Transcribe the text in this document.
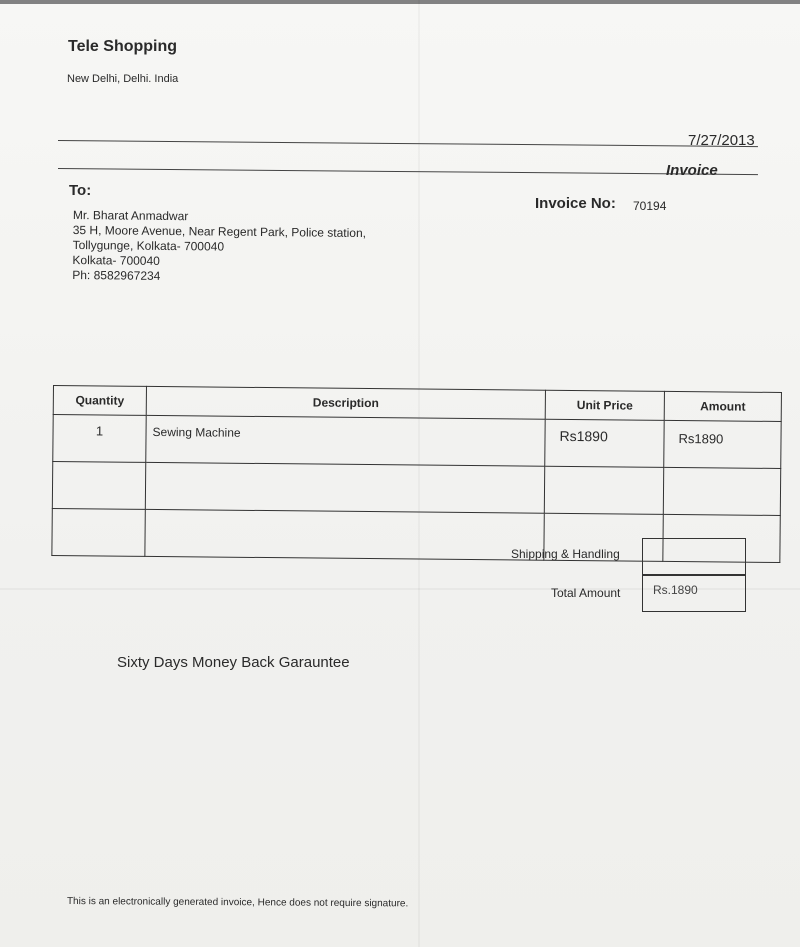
Tele Shopping
New Delhi, Delhi. India
7/27/2013
Invoice
To:
Mr. Bharat Anmadwar
35 H, Moore Avenue, Near Regent Park, Police station,
Tollygunge, Kolkata- 700040
Kolkata- 700040
Ph: 8582967234
Invoice No: 70194
Quantity	Description	Unit Price	Amount
1	Sewing Machine	Rs1890	Rs1890

Shipping & Handling
Total Amount	Rs.1890
Sixty Days Money Back Garauntee
This is an electronically generated invoice, Hence does not require signature.
